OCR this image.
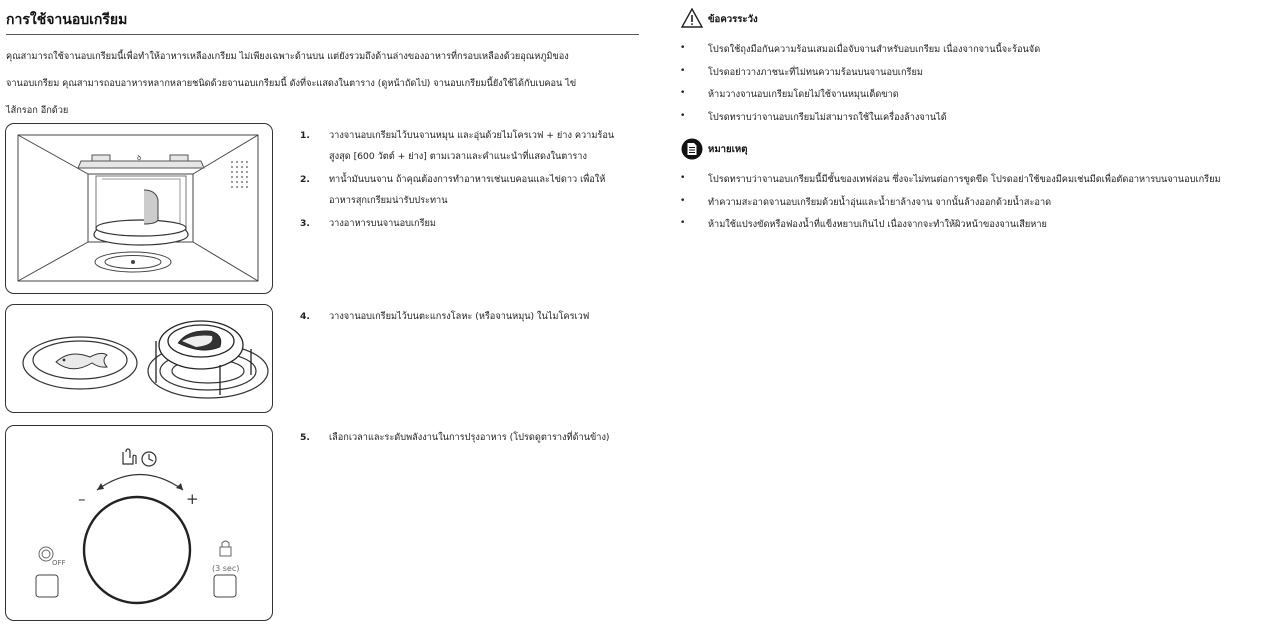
การใช้จานอบเกรียม
คุณสามารถใช้จานอบเกรียมนี้เพื่อทำให้อาหารเหลืองเกรียม ไม่เพียงเฉพาะด้านบน แต่ยังรวมถึงด้านล่างของอาหารที่กรอบเหลืองด้วยอุณหภูมิของ
จานอบเกรียม คุณสามารถอบอาหารหลากหลายชนิดด้วยจานอบเกรียมนี้ ดังที่จะแสดงในตาราง (ดูหน้าถัดไป) จานอบเกรียมนี้ยังใช้ได้กับเบคอน ไข่
ไส้กรอก อีกด้วย
ꝺ
–	+
OFF
(3 sec)
1. วางจานอบเกรียมไว้บนจานหมุน และอุ่นด้วยไมโครเวฟ + ย่าง ความร้อน
สูงสุด [600 วัตต์ + ย่าง] ตามเวลาและคำแนะนำที่แสดงในตาราง
2. ทาน้ำมันบนจาน ถ้าคุณต้องการทำอาหารเช่นเบคอนและไข่ดาว เพื่อให้
อาหารสุกเกรียมน่ารับประทาน
3. วางอาหารบนจานอบเกรียม
4. วางจานอบเกรียมไว้บนตะแกรงโลหะ (หรือจานหมุน) ในไมโครเวฟ
5. เลือกเวลาและระดับพลังงานในการปรุงอาหาร (โปรดดูตารางที่ด้านข้าง)
ข้อควรระวัง
• โปรดใช้ถุงมือกันความร้อนเสมอเมื่อจับจานสำหรับอบเกรียม เนื่องจากจานนี้จะร้อนจัด
• โปรดอย่าวางภาชนะที่ไม่ทนความร้อนบนจานอบเกรียม
• ห้ามวางจานอบเกรียมโดยไม่ใช้จานหมุนเด็ดขาด
• โปรดทราบว่าจานอบเกรียมไม่สามารถใช้ในเครื่องล้างจานได้
หมายเหตุ
• โปรดทราบว่าจานอบเกรียมนี้มีชั้นของเทฟล่อน ซึ่งจะไม่ทนต่อการขูดขีด โปรดอย่าใช้ของมีคมเช่นมีดเพื่อตัดอาหารบนจานอบเกรียม
• ทำความสะอาดจานอบเกรียมด้วยน้ำอุ่นและน้ำยาล้างจาน จากนั้นล้างออกด้วยน้ำสะอาด
• ห้ามใช้แปรงขัดหรือฟองน้ำที่แข็งหยาบเกินไป เนื่องจากจะทำให้ผิวหน้าของจานเสียหาย
